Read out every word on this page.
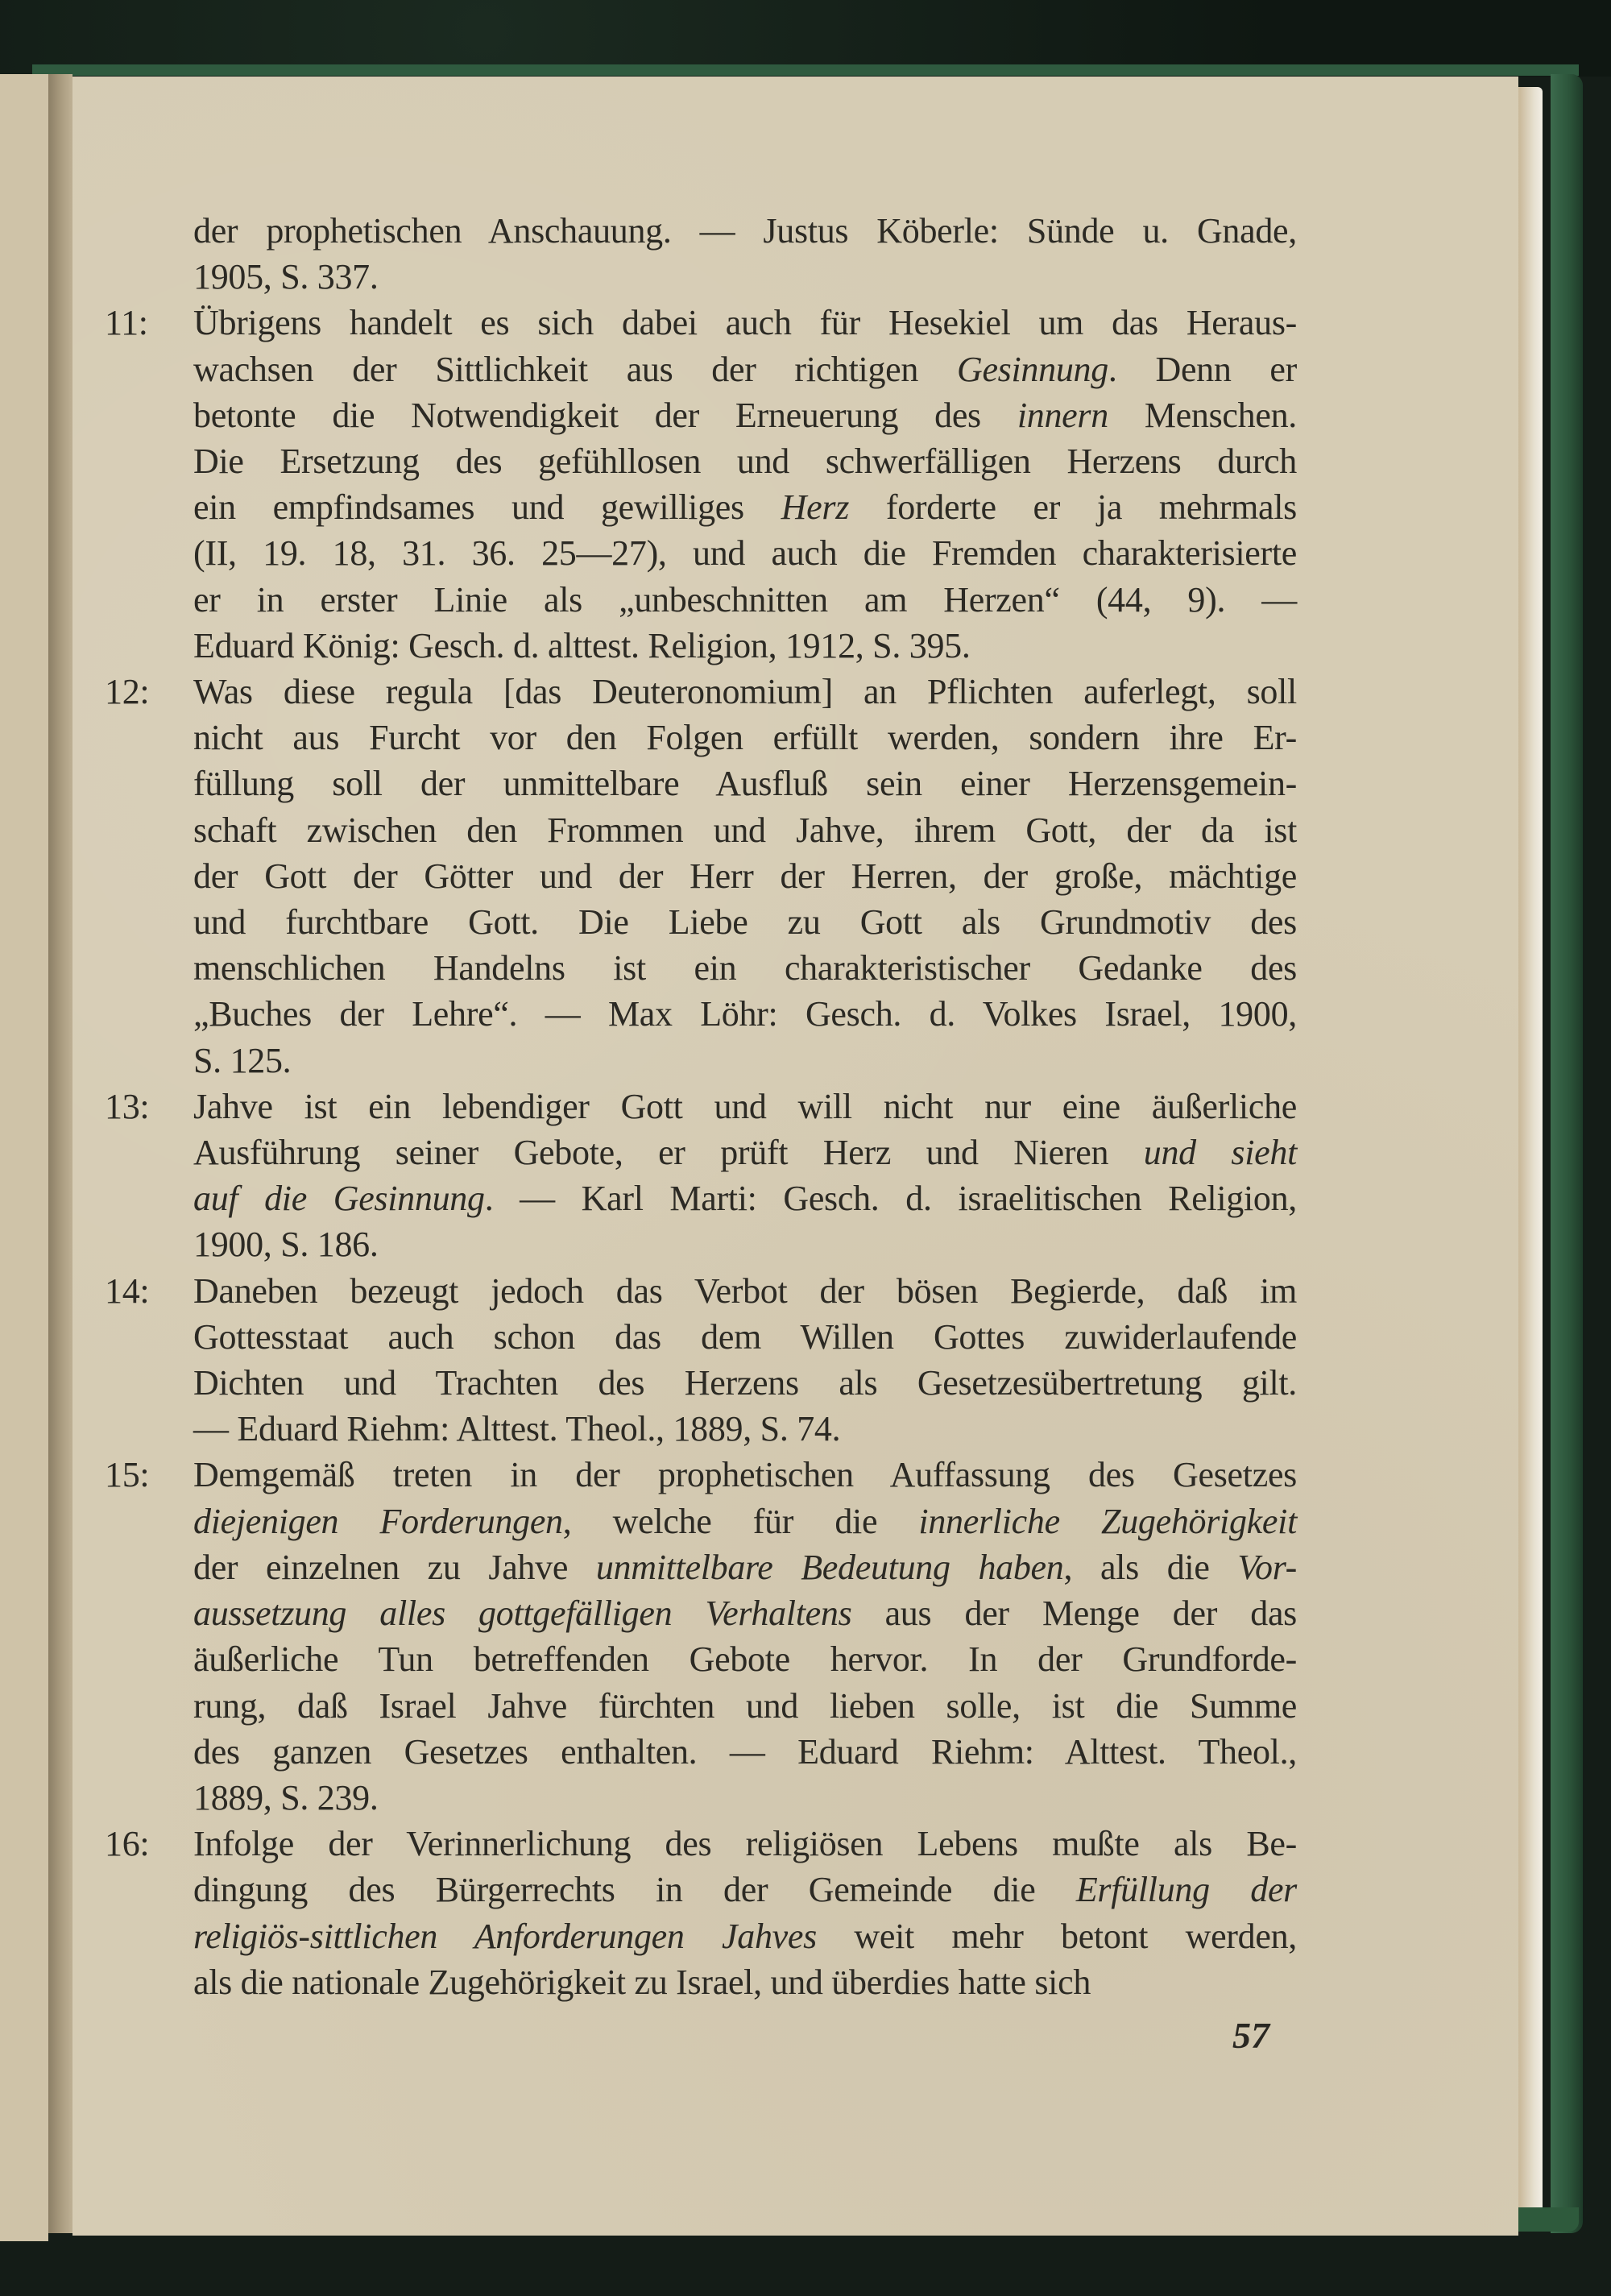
der prophetischen Anschauung. — Justus Köberle: Sünde u. Gnade,
1905, S. 337.
11:	Übrigens handelt es sich dabei auch für Hesekiel um das Heraus-
wachsen der Sittlichkeit aus der richtigen Gesinnung. Denn er
betonte die Notwendigkeit der Erneuerung des innern Menschen.
Die Ersetzung des gefühllosen und schwerfälligen Herzens durch
ein empfindsames und gewilliges Herz forderte er ja mehrmals
(II, 19. 18, 31. 36. 25—27), und auch die Fremden charakterisierte
er in erster Linie als „unbeschnitten am Herzen“ (44, 9). —
Eduard König: Gesch. d. alttest. Religion, 1912, S. 395.
12:	Was diese regula [das Deuteronomium] an Pflichten auferlegt, soll
nicht aus Furcht vor den Folgen erfüllt werden, sondern ihre Er-
füllung soll der unmittelbare Ausfluß sein einer Herzensgemein-
schaft zwischen den Frommen und Jahve, ihrem Gott, der da ist
der Gott der Götter und der Herr der Herren, der große, mächtige
und furchtbare Gott. Die Liebe zu Gott als Grundmotiv des
menschlichen Handelns ist ein charakteristischer Gedanke des
„Buches der Lehre“. — Max Löhr: Gesch. d. Volkes Israel, 1900,
S. 125.
13:	Jahve ist ein lebendiger Gott und will nicht nur eine äußerliche
Ausführung seiner Gebote, er prüft Herz und Nieren und sieht
auf die Gesinnung. — Karl Marti: Gesch. d. israelitischen Religion,
1900, S. 186.
14:	Daneben bezeugt jedoch das Verbot der bösen Begierde, daß im
Gottesstaat auch schon das dem Willen Gottes zuwiderlaufende
Dichten und Trachten des Herzens als Gesetzesübertretung gilt.
— Eduard Riehm: Alttest. Theol., 1889, S. 74.
15:	Demgemäß treten in der prophetischen Auffassung des Gesetzes
diejenigen Forderungen, welche für die innerliche Zugehörigkeit
der einzelnen zu Jahve unmittelbare Bedeutung haben, als die Vor-
aussetzung alles gottgefälligen Verhaltens aus der Menge der das
äußerliche Tun betreffenden Gebote hervor. In der Grundforde-
rung, daß Israel Jahve fürchten und lieben solle, ist die Summe
des ganzen Gesetzes enthalten. — Eduard Riehm: Alttest. Theol.,
1889, S. 239.
16:	Infolge der Verinnerlichung des religiösen Lebens mußte als Be-
dingung des Bürgerrechts in der Gemeinde die Erfüllung der
religiös-sittlichen Anforderungen Jahves weit mehr betont werden,
als die nationale Zugehörigkeit zu Israel, und überdies hatte sich
57
